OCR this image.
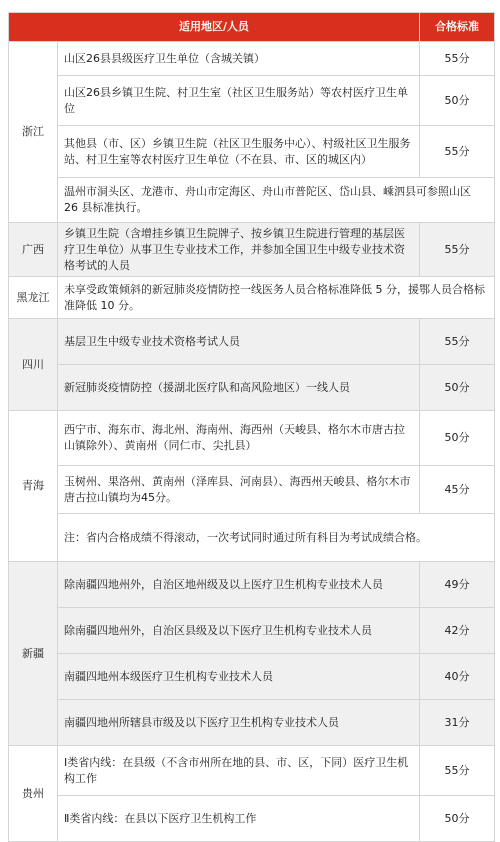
适用地区/人员		合格标准
浙江	山区26县县级医疗卫生单位（含城关镇）	55分
	山区26县乡镇卫生院、村卫生室（社区卫生服务站）等农村医疗卫生单位	50分
	其他县（市、区）乡镇卫生院（社区卫生服务中心）、村级社区卫生服务站、村卫生室等农村医疗卫生单位（不在县、市、区的城区内）	55分
	温州市洞头区、龙港市、舟山市定海区、舟山市普陀区、岱山县、嵊泗县可参照山区 26 县标准执行。	
广西	乡镇卫生院（含增挂乡镇卫生院牌子、按乡镇卫生院进行管理的基层医疗卫生单位）从事卫生专业技术工作，并参加全国卫生中级专业技术资格考试的人员	55分
黑龙江	未享受政策倾斜的新冠肺炎疫情防控一线医务人员合格标准降低 5 分，援鄂人员合格标准降低 10 分。	
四川	基层卫生中级专业技术资格考试人员	55分
	新冠肺炎疫情防控（援湖北医疗队和高风险地区）一线人员	50分
青海	西宁市、海东市、海北州、海南州、海西州（天峻县、格尔木市唐古拉山镇除外）、黄南州（同仁市、尖扎县）	50分
	玉树州、果洛州、黄南州（泽库县、河南县）、海西州天峻县、格尔木市唐古拉山镇均为45分。	45分
	注：省内合格成绩不得滚动，一次考试同时通过所有科目为考试成绩合格。	
新疆	除南疆四地州外，自治区地州级及以上医疗卫生机构专业技术人员	49分
	除南疆四地州外，自治区县级及以下医疗卫生机构专业技术人员	42分
	南疆四地州本级医疗卫生机构专业技术人员	40分
	南疆四地州所辖县市级及以下医疗卫生机构专业技术人员	31分
贵州	Ⅰ类省内线：在县级（不含市州所在地的县、市、区，下同）医疗卫生机构工作	55分
	Ⅱ类省内线：在县以下医疗卫生机构工作	50分
